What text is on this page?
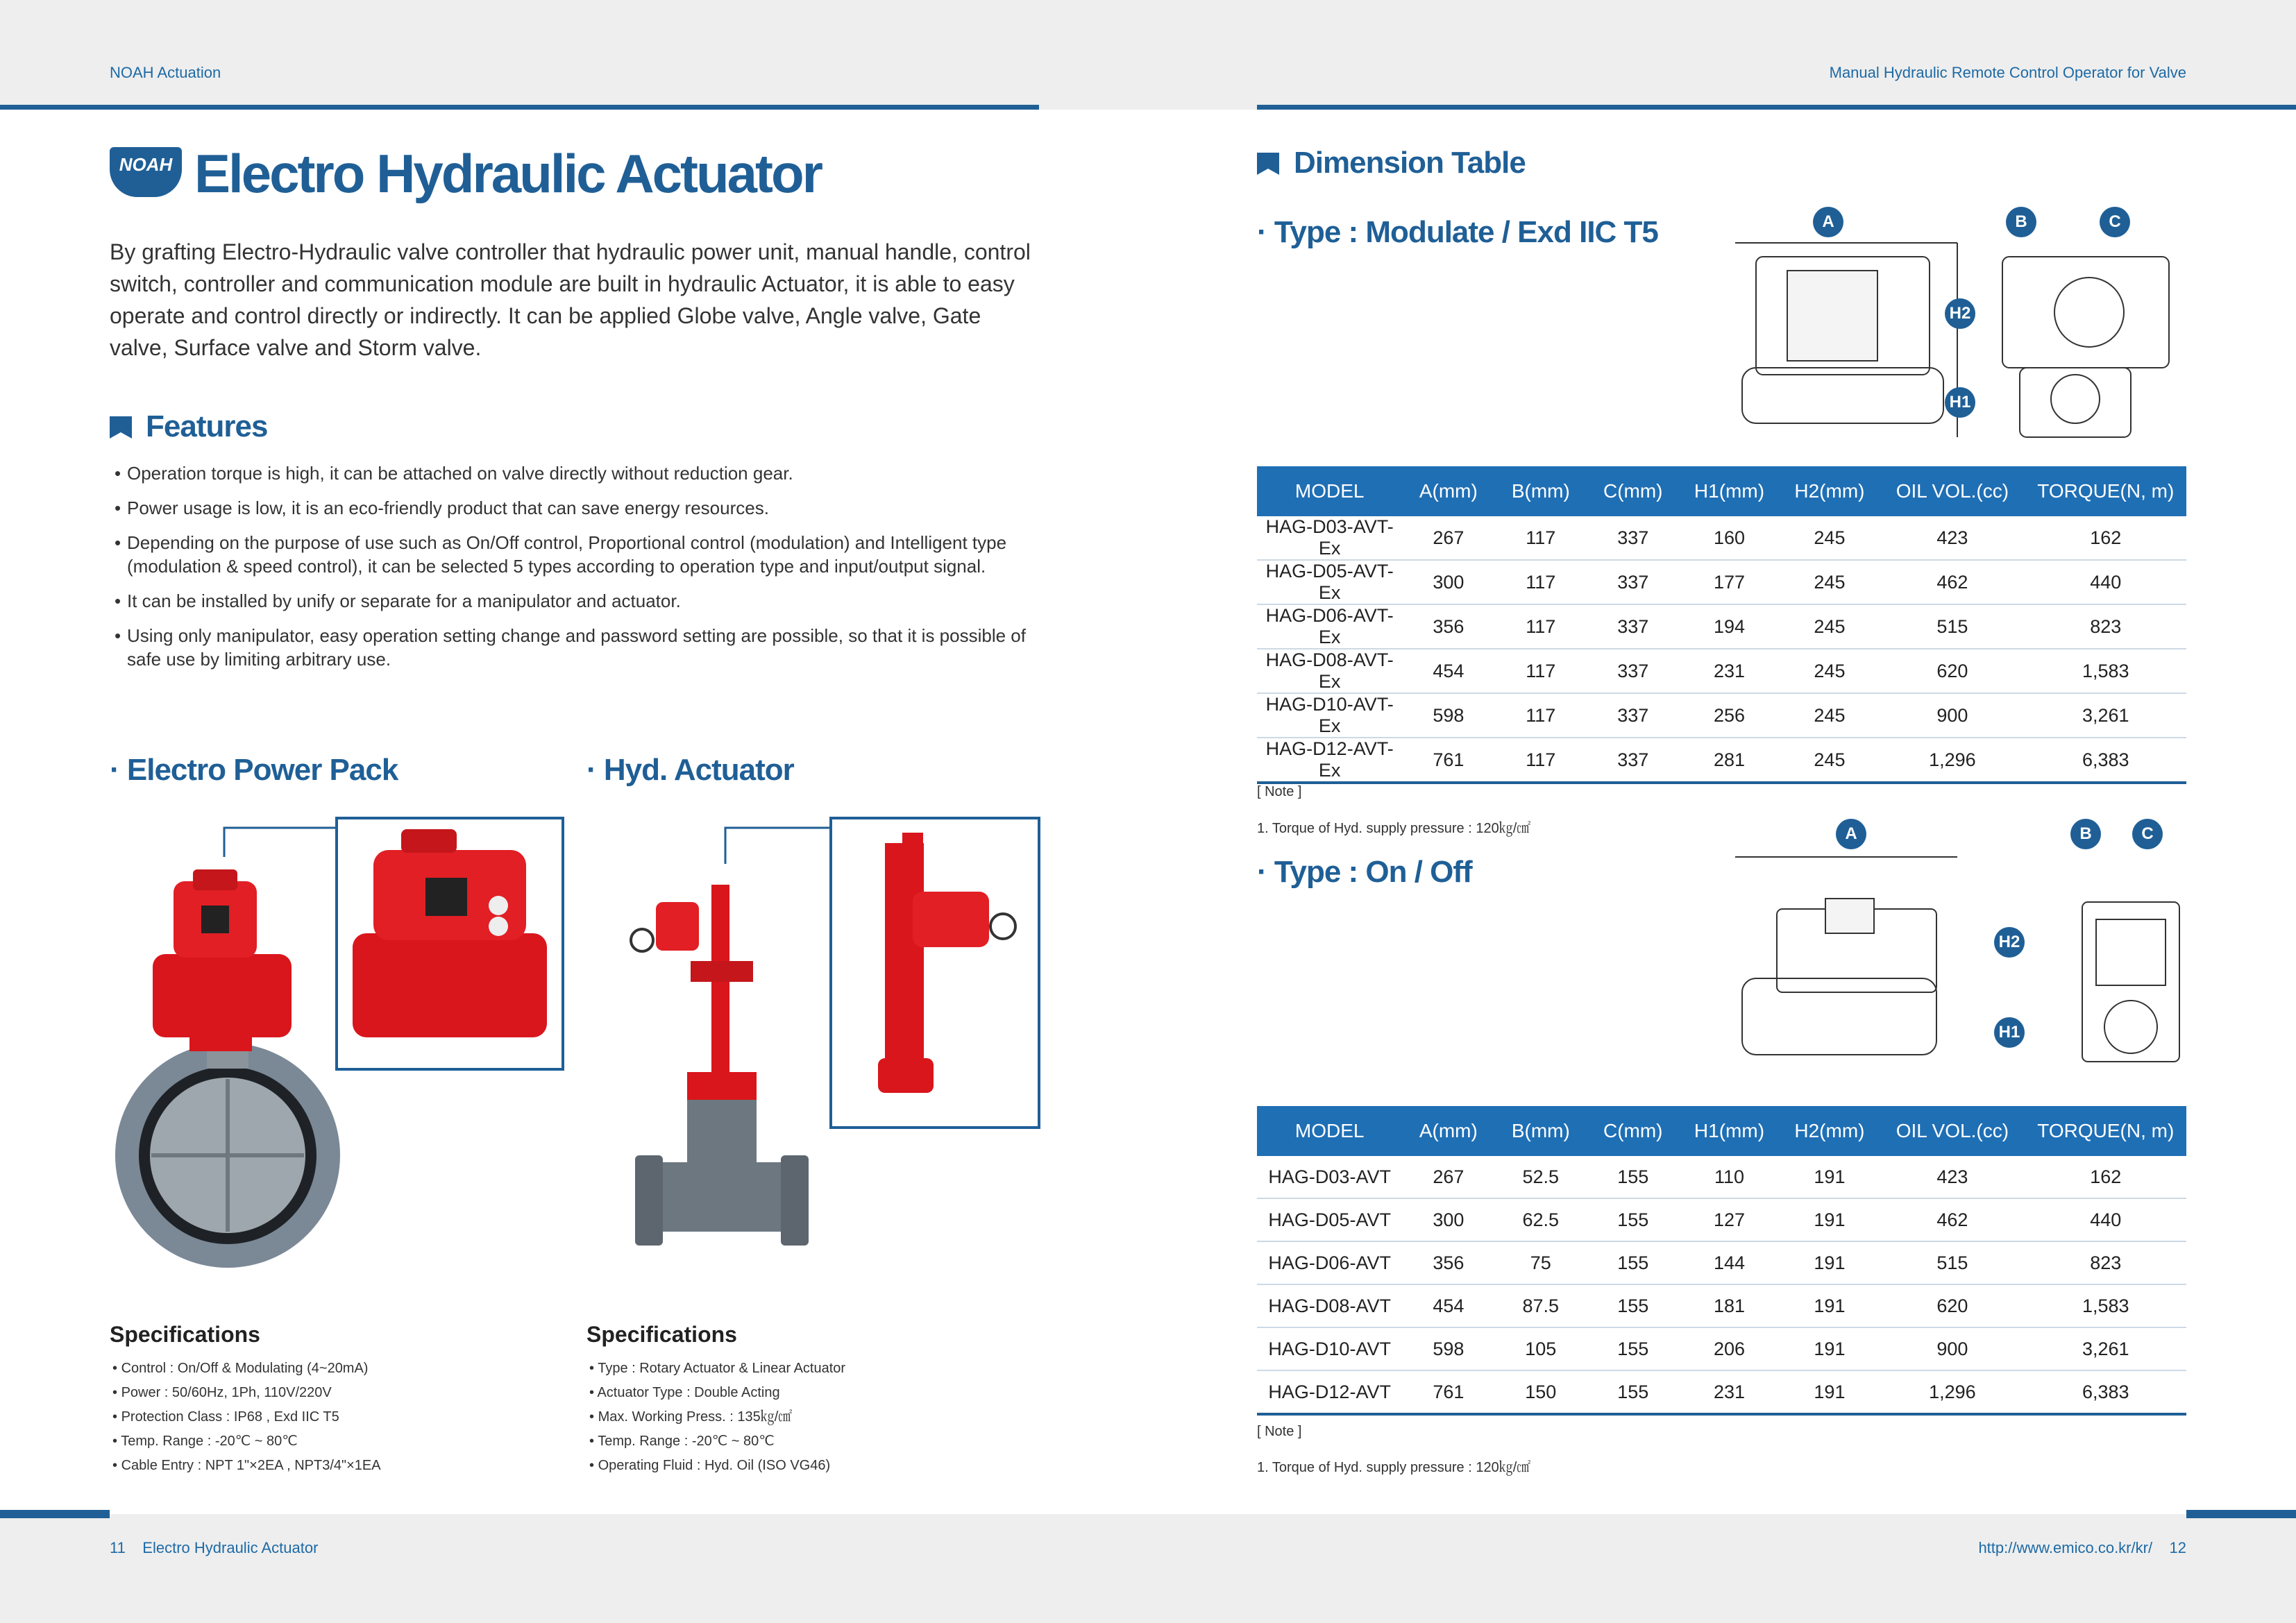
NOAH Actuation	Manual Hydraulic Remote Control Operator for Valve
NOAH
Since 1977 Electro Hydraulic Actuator
By grafting Electro-Hydraulic valve controller that hydraulic power unit, manual handle, control switch, controller and communication module are built in hydraulic Actuator, it is able to easy operate and control directly or indirectly. It can be applied Globe valve, Angle valve, Gate valve, Surface valve and Storm valve.
Features
• Operation torque is high, it can be attached on valve directly without reduction gear.
• Power usage is low, it is an eco-friendly product that can save energy resources.
• Depending on the purpose of use such as On/Off control, Proportional control (modulation) and Intelligent type (modulation & speed control), it can be selected 5 types according to operation type and input/output signal.
• It can be installed by unify or separate for a manipulator and actuator.
• Using only manipulator, easy operation setting change and password setting are possible, so that it is possible of safe use by limiting arbitrary use.
· Electro Power Pack
Specifications
• Control : On/Off & Modulating (4~20mA)
• Power : 50/60Hz, 1Ph, 110V/220V
• Protection Class : IP68 , Exd IIC T5
• Temp. Range : -20℃ ~ 80℃
• Cable Entry : NPT 1"×2EA , NPT3/4"×1EA
· Hyd. Actuator
Specifications
• Type : Rotary Actuator & Linear Actuator
• Actuator Type : Double Acting
• Max. Working Press. : 135㎏/㎠
• Temp. Range : -20℃ ~ 80℃
• Operating Fluid : Hyd. Oil (ISO VG46)
Dimension Table
· Type : Modulate / Exd IIC T5	A	B	C
H2
H1
MODEL	A(mm)	B(mm)	C(mm)	H1(mm)	H2(mm)	OIL VOL.(cc)	TORQUE(N, m)
HAG-D03-AVT-Ex	267	117	337	160	245	423	162
HAG-D05-AVT-Ex	300	117	337	177	245	462	440
HAG-D06-AVT-Ex	356	117	337	194	245	515	823
HAG-D08-AVT-Ex	454	117	337	231	245	620	1,583
HAG-D10-AVT-Ex	598	117	337	256	245	900	3,261
HAG-D12-AVT-Ex	761	117	337	281	245	1,296	6,383
[ Note ]
1. Torque of Hyd. supply pressure : 120㎏/㎠
· Type : On / Off
A	B	C
H2
H1
MODEL	A(mm)	B(mm)	C(mm)	H1(mm)	H2(mm)	OIL VOL.(cc)	TORQUE(N, m)
HAG-D03-AVT	267	52.5	155	110	191	423	162
HAG-D05-AVT	300	62.5	155	127	191	462	440
HAG-D06-AVT	356	75	155	144	191	515	823
HAG-D08-AVT	454	87.5	155	181	191	620	1,583
HAG-D10-AVT	598	105	155	206	191	900	3,261
HAG-D12-AVT	761	150	155	231	191	1,296	6,383
[ Note ]
1. Torque of Hyd. supply pressure : 120㎏/㎠
11 Electro Hydraulic Actuator	http://www.emico.co.kr/kr/ 12
